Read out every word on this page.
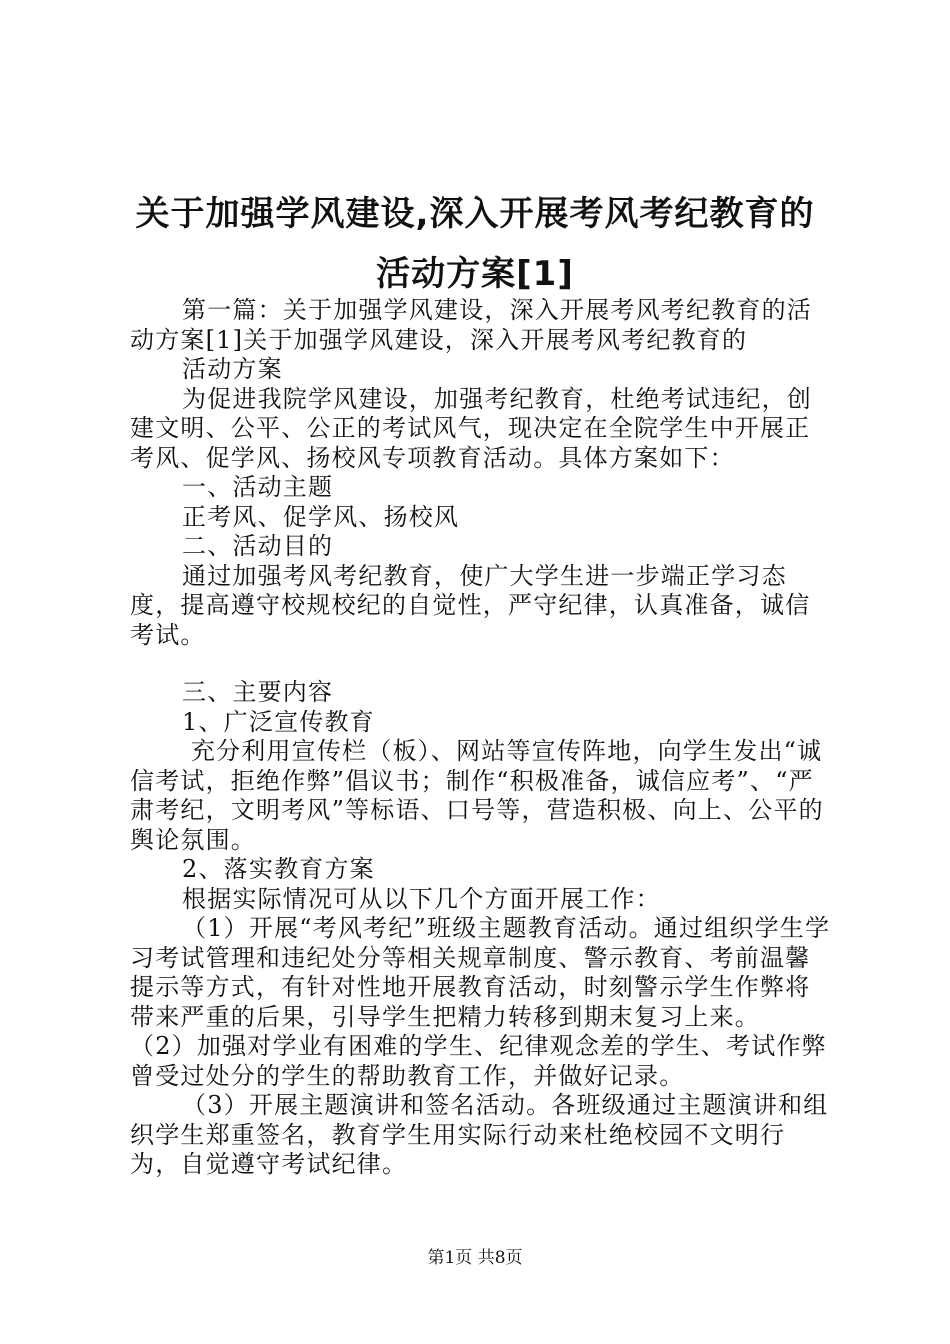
关于加强学风建设,深入开展考风考纪教育的
活动方案[1]

第一篇：关于加强学风建设，深入开展考风考纪教育的活动方案[1]关于加强学风建设，深入开展考风考纪教育的

活动方案

为促进我院学风建设，加强考纪教育，杜绝考试违纪，创建文明、公平、公正的考试风气，现决定在全院学生中开展正考风、促学风、扬校风专项教育活动。具体方案如下：

一、活动主题

正考风、促学风、扬校风

二、活动目的

通过加强考风考纪教育，使广大学生进一步端正学习态度，提高遵守校规校纪的自觉性，严守纪律，认真准备，诚信考试。

三、主要内容

1、广泛宣传教育

充分利用宣传栏（板）、网站等宣传阵地，向学生发出“诚信考试，拒绝作弊”倡议书；制作“积极准备，诚信应考”、“严肃考纪，文明考风”等标语、口号等，营造积极、向上、公平的舆论氛围。

2、落实教育方案

根据实际情况可从以下几个方面开展工作：

（1）开展“考风考纪”班级主题教育活动。通过组织学生学习考试管理和违纪处分等相关规章制度、警示教育、考前温馨提示等方式，有针对性地开展教育活动，时刻警示学生作弊将带来严重的后果，引导学生把精力转移到期末复习上来。

（2）加强对学业有困难的学生、纪律观念差的学生、考试作弊曾受过处分的学生的帮助教育工作，并做好记录。

（3）开展主题演讲和签名活动。各班级通过主题演讲和组织学生郑重签名，教育学生用实际行动来杜绝校园不文明行为，自觉遵守考试纪律。

第1页 共8页
